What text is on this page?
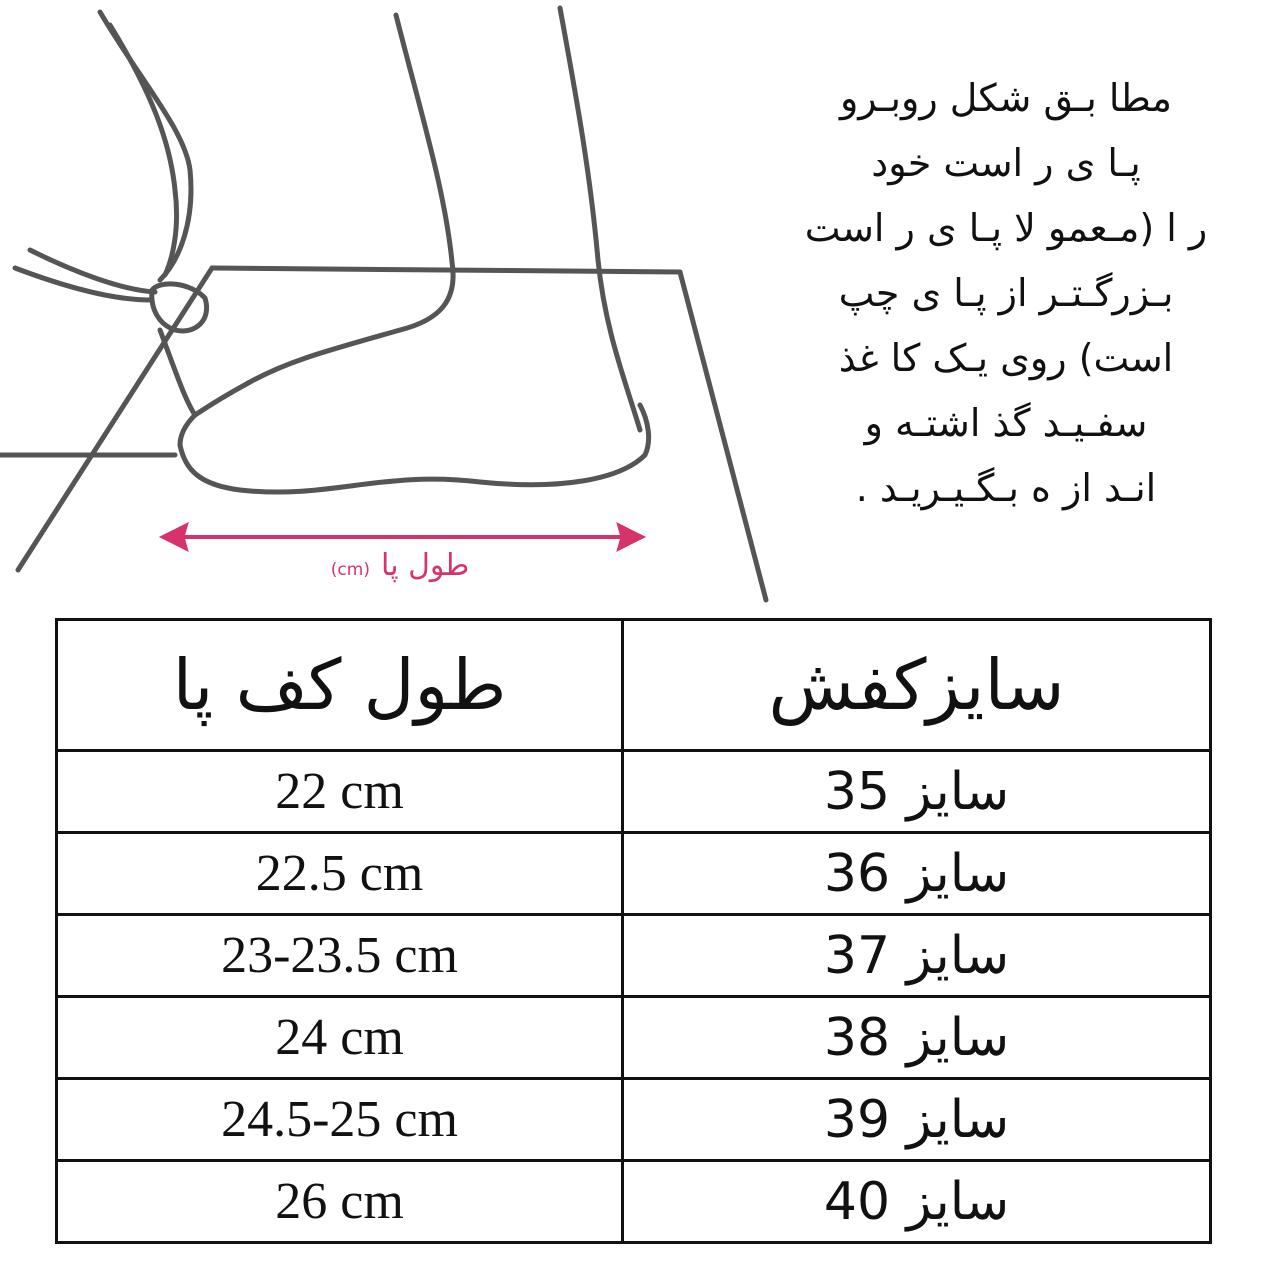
طول پا (cm)
مطا بـق شکل روبـرو
پـا ی ر است خود
ر ا (مـعمو لا پـا ی ر است
بـزرگـتـر از پـا ی چپ
است) روی یـک کا غذ
سفـیـد گذ اشتـه و
انـد از ه بـگـیـریـد .
طول کف پا	سایزکفش
22 cm	سایز 35
22.5 cm	سایز 36
23-23.5 cm	سایز 37
24 cm	سایز 38
24.5-25 cm	سایز 39
26 cm	سایز 40
